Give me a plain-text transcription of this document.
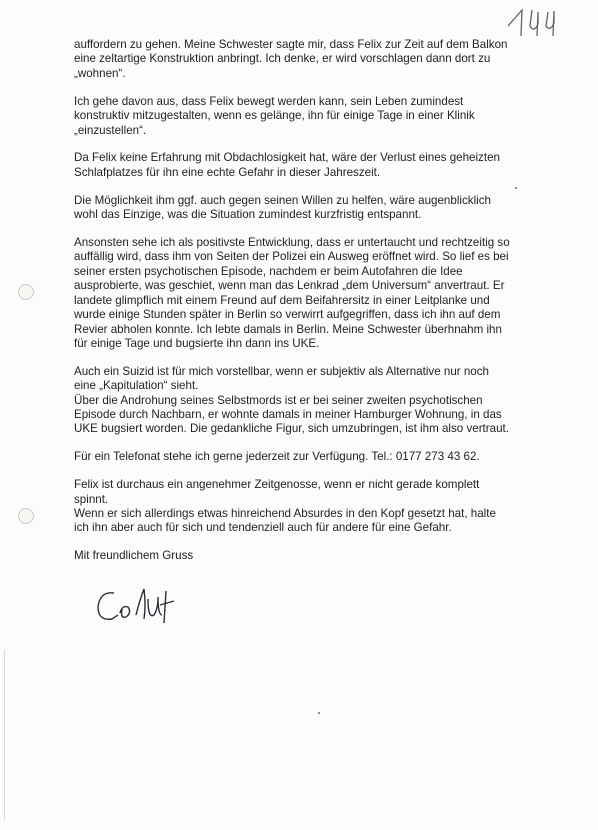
auffordern zu gehen. Meine Schwester sagte mir, dass Felix zur Zeit auf dem Balkon
eine zeltartige Konstruktion anbringt. Ich denke, er wird vorschlagen dann dort zu
„wohnen“.

Ich gehe davon aus, dass Felix bewegt werden kann, sein Leben zumindest
konstruktiv mitzugestalten, wenn es gelänge, ihn für einige Tage in einer Klinik
„einzustellen“.

Da Felix keine Erfahrung mit Obdachlosigkeit hat, wäre der Verlust eines geheizten
Schlafplatzes für ihn eine echte Gefahr in dieser Jahreszeit.

Die Möglichkeit ihm ggf. auch gegen seinen Willen zu helfen, wäre augenblicklich
wohl das Einzige, was die Situation zumindest kurzfristig entspannt.

Ansonsten sehe ich als positivste Entwicklung, dass er untertaucht und rechtzeitig so
auffällig wird, dass ihm von Seiten der Polizei ein Ausweg eröffnet wird. So lief es bei
seiner ersten psychotischen Episode, nachdem er beim Autofahren die Idee
ausprobierte, was geschiet, wenn man das Lenkrad „dem Universum“ anvertraut. Er
landete glimpflich mit einem Freund auf dem Beifahrersitz in einer Leitplanke und
wurde einige Stunden später in Berlin so verwirrt aufgegriffen, dass ich ihn auf dem
Revier abholen konnte. Ich lebte damals in Berlin. Meine Schwester überhnahm ihn
für einige Tage und bugsierte ihn dann ins UKE.

Auch ein Suizid ist für mich vorstellbar, wenn er subjektiv als Alternative nur noch
eine „Kapitulation“ sieht.
Über die Androhung seines Selbstmords ist er bei seiner zweiten psychotischen
Episode durch Nachbarn, er wohnte damals in meiner Hamburger Wohnung, in das
UKE bugsiert worden. Die gedankliche Figur, sich umzubringen, ist ihm also vertraut.

Für ein Telefonat stehe ich gerne jederzeit zur Verfügung. Tel.: 0177 273 43 62.

Felix ist durchaus ein angenehmer Zeitgenosse, wenn er nicht gerade komplett
spinnt.
Wenn er sich allerdings etwas hinreichend Absurdes in den Kopf gesetzt hat, halte
ich ihn aber auch für sich und tendenziell auch für andere für eine Gefahr.

Mit freundlichem Gruss
